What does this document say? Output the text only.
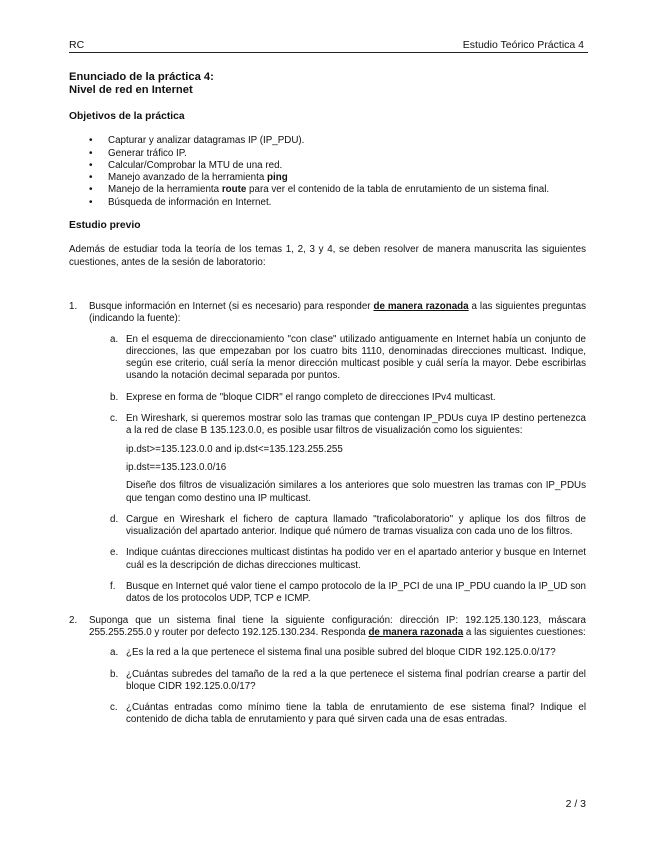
RC	Estudio Teórico Práctica 4
Enunciado de la práctica 4:
Nivel de red en Internet
Objetivos de la práctica
• Capturar y analizar datagramas IP (IP_PDU).
• Generar tráfico IP.
• Calcular/Comprobar la MTU de una red.
• Manejo avanzado de la herramienta ping
• Manejo de la herramienta route para ver el contenido de la tabla de enrutamiento de un sistema final.
• Búsqueda de información en Internet.
Estudio previo

Además de estudiar toda la teoría de los temas 1, 2, 3 y 4, se deben resolver de manera manuscrita las siguientes cuestiones, antes de la sesión de laboratorio:

1. Busque información en Internet (si es necesario) para responder de manera razonada a las siguientes preguntas (indicando la fuente):
a. En el esquema de direccionamiento "con clase" utilizado antiguamente en Internet había un conjunto de direcciones, las que empezaban por los cuatro bits 1110, denominadas direcciones multicast. Indique, según ese criterio, cuál sería la menor dirección multicast posible y cuál sería la mayor. Debe escribirlas usando la notación decimal separada por puntos.
b. Exprese en forma de "bloque CIDR" el rango completo de direcciones IPv4 multicast.
c. En Wireshark, si queremos mostrar solo las tramas que contengan IP_PDUs cuya IP destino pertenezca a la red de clase B 135.123.0.0, es posible usar filtros de visualización como los siguientes:
ip.dst>=135.123.0.0 and ip.dst<=135.123.255.255
ip.dst==135.123.0.0/16
Diseñe dos filtros de visualización similares a los anteriores que solo muestren las tramas con IP_PDUs que tengan como destino una IP multicast.
d. Cargue en Wireshark el fichero de captura llamado "traficolaboratorio" y aplique los dos filtros de visualización del apartado anterior. Indique qué número de tramas visualiza con cada uno de los filtros.
e. Indique cuántas direcciones multicast distintas ha podido ver en el apartado anterior y busque en Internet cuál es la descripción de dichas direcciones multicast.
f. Busque en Internet qué valor tiene el campo protocolo de la IP_PCI de una IP_PDU cuando la IP_UD son datos de los protocolos UDP, TCP e ICMP.
2. Suponga que un sistema final tiene la siguiente configuración: dirección IP: 192.125.130.123, máscara 255.255.255.0 y router por defecto 192.125.130.234. Responda de manera razonada a las siguientes cuestiones:
a. ¿Es la red a la que pertenece el sistema final una posible subred del bloque CIDR 192.125.0.0/17?
b. ¿Cuántas subredes del tamaño de la red a la que pertenece el sistema final podrían crearse a partir del bloque CIDR 192.125.0.0/17?
c. ¿Cuántas entradas como mínimo tiene la tabla de enrutamiento de ese sistema final? Indique el contenido de dicha tabla de enrutamiento y para qué sirven cada una de esas entradas.
2 / 3
